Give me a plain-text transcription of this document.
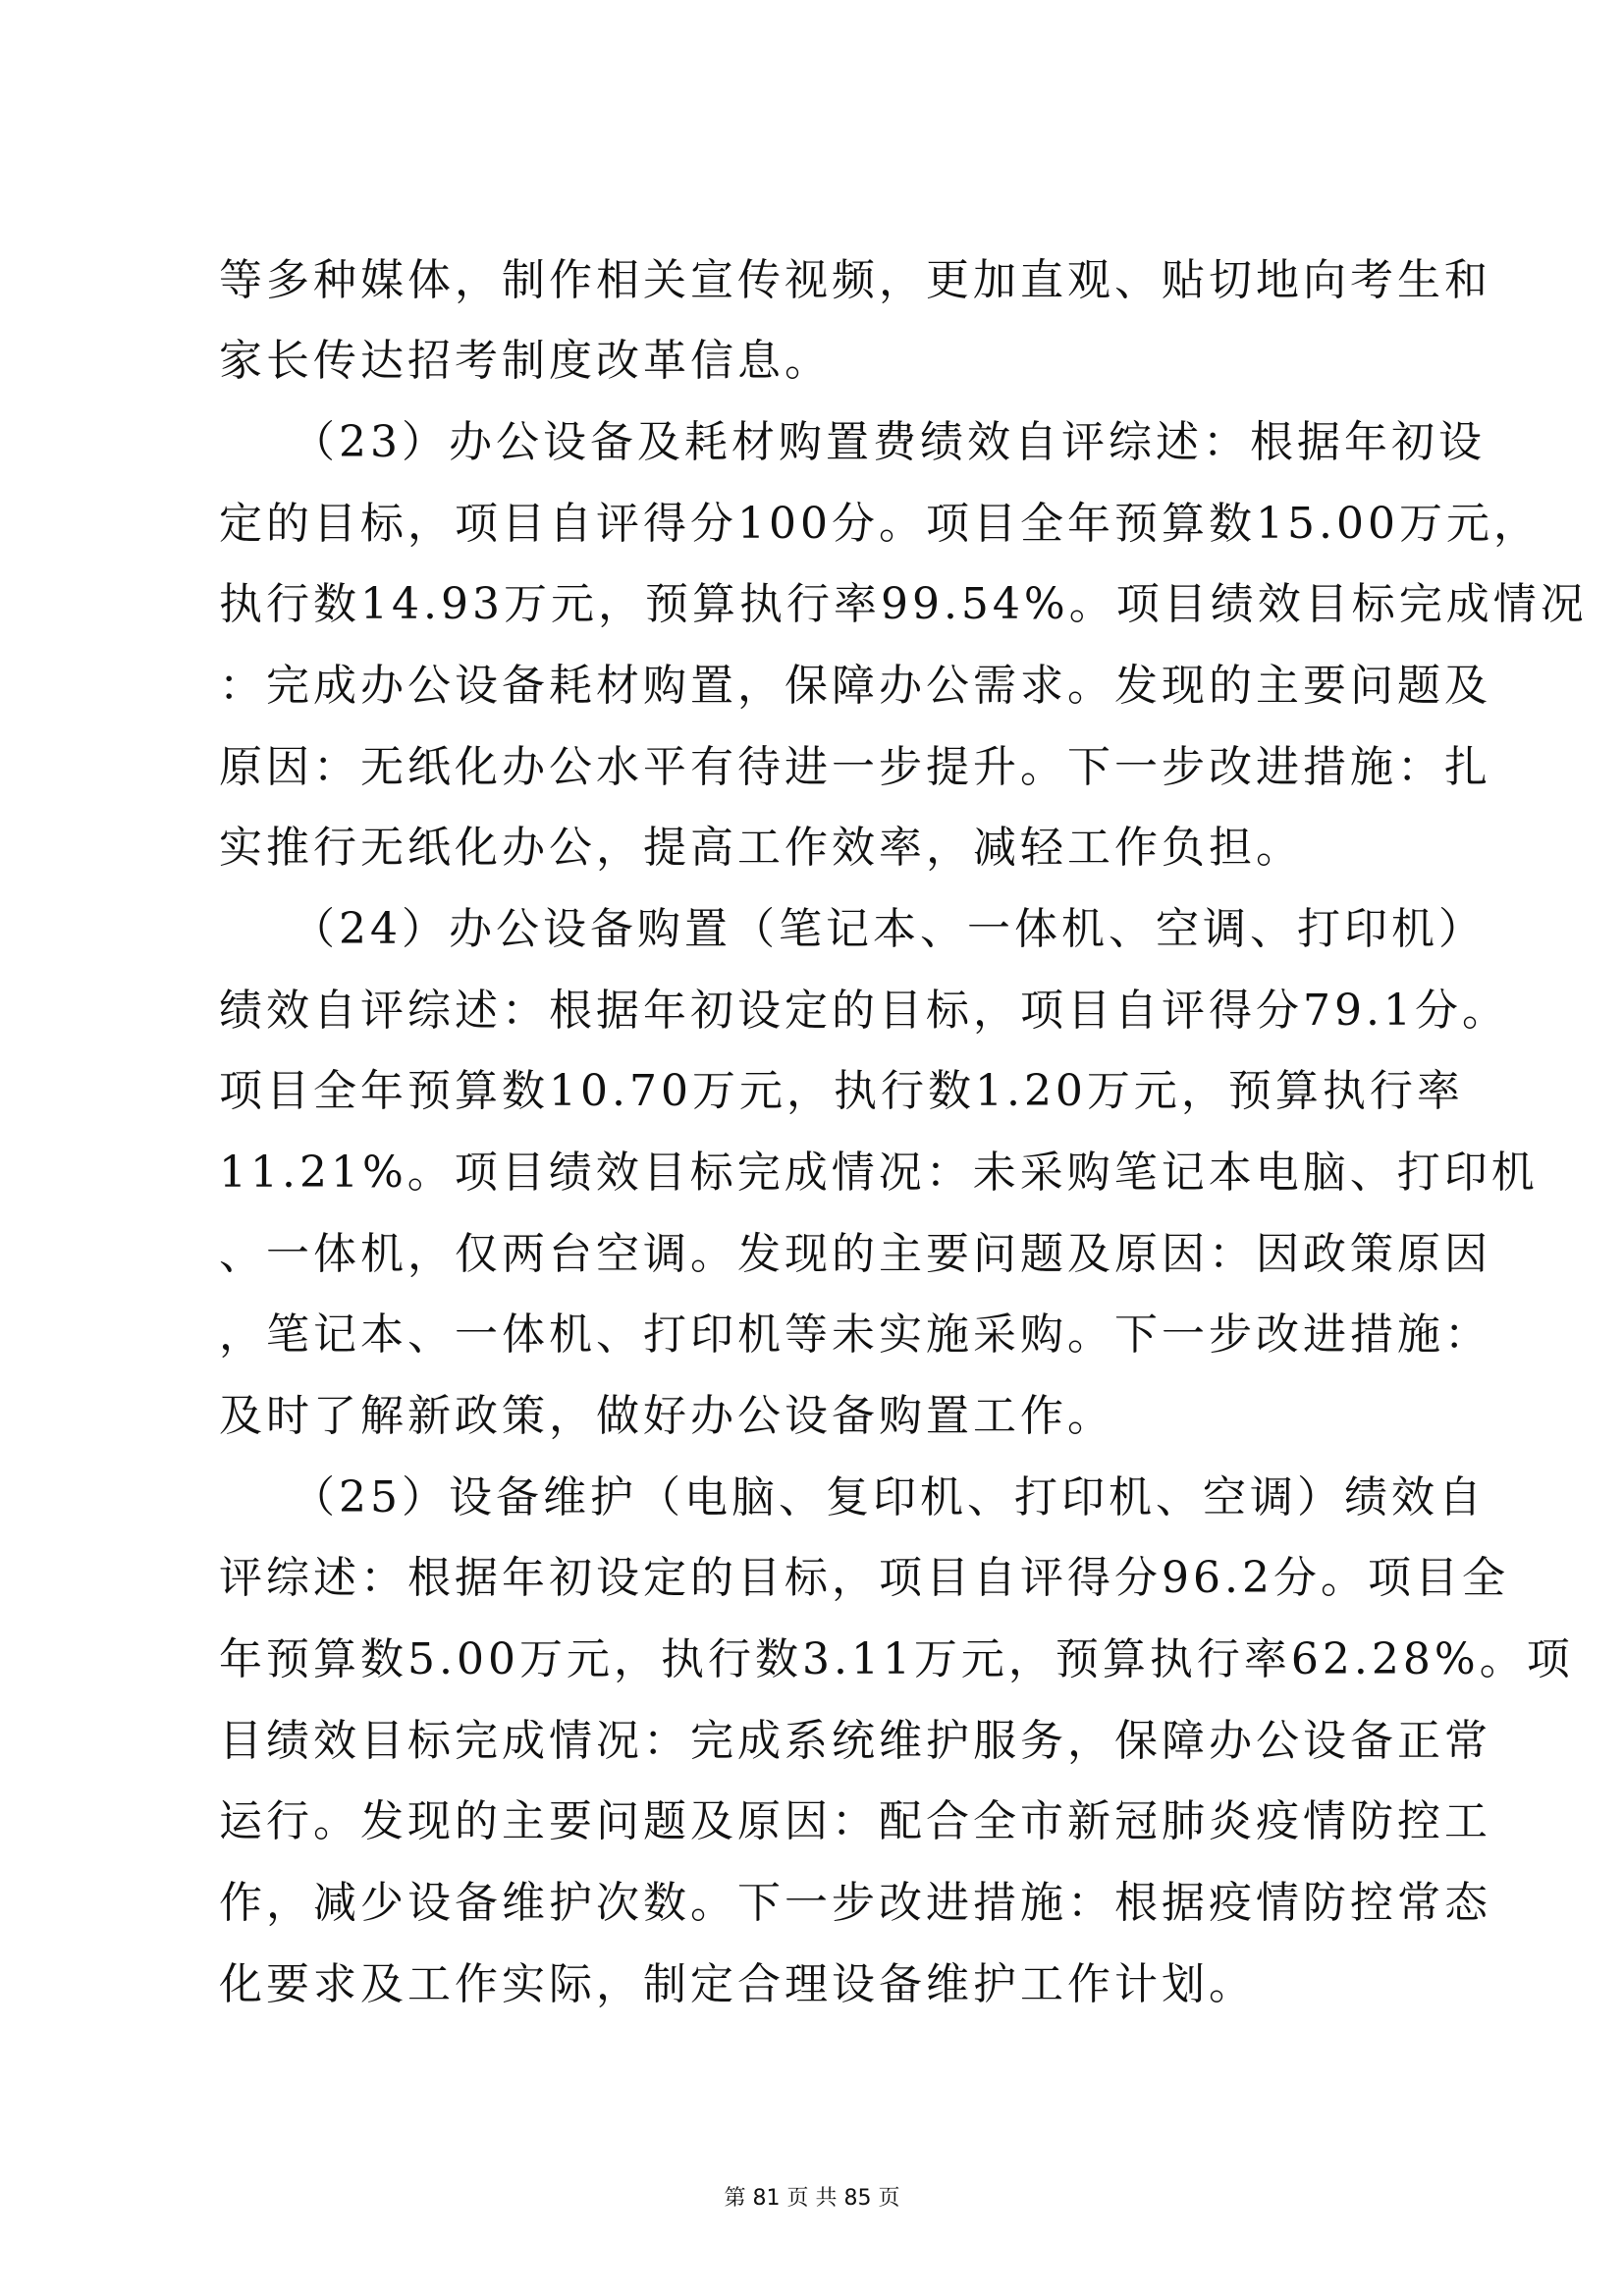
等多种媒体，制作相关宣传视频，更加直观、贴切地向考生和
家长传达招考制度改革信息。
　　（23）办公设备及耗材购置费绩效自评综述：根据年初设
定的目标，项目自评得分100分。项目全年预算数15.00万元，
执行数14.93万元，预算执行率99.54%。项目绩效目标完成情况
：完成办公设备耗材购置，保障办公需求。发现的主要问题及
原因：无纸化办公水平有待进一步提升。下一步改进措施：扎
实推行无纸化办公，提高工作效率，减轻工作负担。
　　（24）办公设备购置（笔记本、一体机、空调、打印机）
绩效自评综述：根据年初设定的目标，项目自评得分79.1分。
项目全年预算数10.70万元，执行数1.20万元，预算执行率
11.21%。项目绩效目标完成情况：未采购笔记本电脑、打印机
、一体机，仅两台空调。发现的主要问题及原因：因政策原因
，笔记本、一体机、打印机等未实施采购。下一步改进措施：
及时了解新政策，做好办公设备购置工作。
　　（25）设备维护（电脑、复印机、打印机、空调）绩效自
评综述：根据年初设定的目标，项目自评得分96.2分。项目全
年预算数5.00万元，执行数3.11万元，预算执行率62.28%。项
目绩效目标完成情况：完成系统维护服务，保障办公设备正常
运行。发现的主要问题及原因：配合全市新冠肺炎疫情防控工
作，减少设备维护次数。下一步改进措施：根据疫情防控常态
化要求及工作实际，制定合理设备维护工作计划。
第 81 页 共 85 页
